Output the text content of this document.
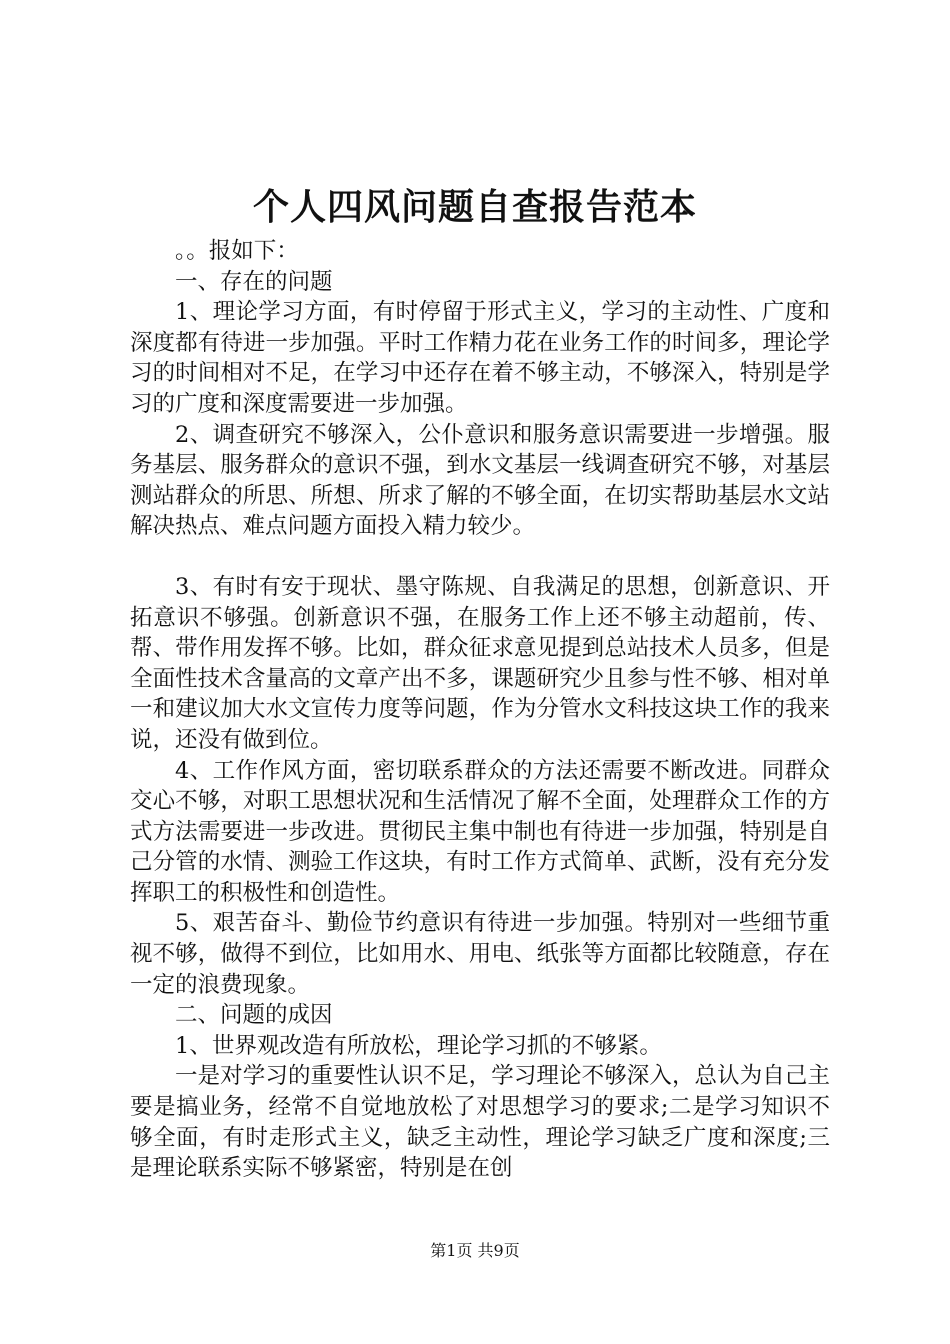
个人四风问题自查报告范本

。。报如下：

一、存在的问题

1、理论学习方面，有时停留于形式主义，学习的主动性、广度和深度都有待进一步加强。平时工作精力花在业务工作的时间多，理论学习的时间相对不足，在学习中还存在着不够主动，不够深入，特别是学习的广度和深度需要进一步加强。

2、调查研究不够深入，公仆意识和服务意识需要进一步增强。服务基层、服务群众的意识不强，到水文基层一线调查研究不够，对基层测站群众的所思、所想、所求了解的不够全面，在切实帮助基层水文站解决热点、难点问题方面投入精力较少。

3、有时有安于现状、墨守陈规、自我满足的思想，创新意识、开拓意识不够强。创新意识不强，在服务工作上还不够主动超前，传、帮、带作用发挥不够。比如，群众征求意见提到总站技术人员多，但是全面性技术含量高的文章产出不多，课题研究少且参与性不够、相对单一和建议加大水文宣传力度等问题，作为分管水文科技这块工作的我来说，还没有做到位。

4、工作作风方面，密切联系群众的方法还需要不断改进。同群众交心不够，对职工思想状况和生活情况了解不全面，处理群众工作的方式方法需要进一步改进。贯彻民主集中制也有待进一步加强，特别是自己分管的水情、测验工作这块，有时工作方式简单、武断，没有充分发挥职工的积极性和创造性。

5、艰苦奋斗、勤俭节约意识有待进一步加强。特别对一些细节重视不够，做得不到位，比如用水、用电、纸张等方面都比较随意，存在一定的浪费现象。

二、问题的成因

1、世界观改造有所放松，理论学习抓的不够紧。

一是对学习的重要性认识不足，学习理论不够深入，总认为自己主要是搞业务，经常不自觉地放松了对思想学习的要求;二是学习知识不够全面，有时走形式主义，缺乏主动性，理论学习缺乏广度和深度;三是理论联系实际不够紧密，特别是在创

第1页 共9页
